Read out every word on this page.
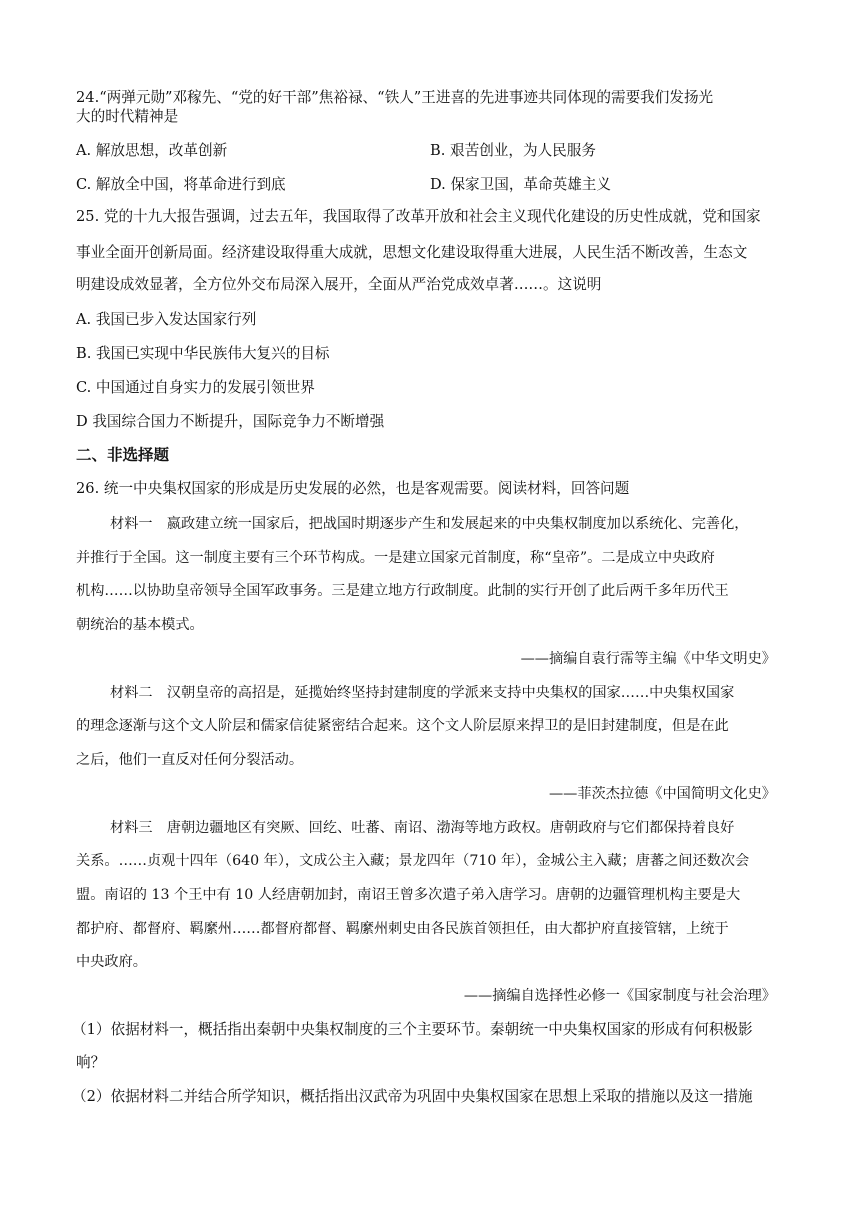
24.“两弹元勋”邓稼先、“党的好干部”焦裕禄、“铁人”王进喜的先进事迹共同体现的需要我们发扬光
大的时代精神是
A. 解放思想，改革创新	B. 艰苦创业，为人民服务
C. 解放全中国，将革命进行到底	D. 保家卫国，革命英雄主义
25. 党的十九大报告强调，过去五年，我国取得了改革开放和社会主义现代化建设的历史性成就，党和国家
事业全面开创新局面。经济建设取得重大成就，思想文化建设取得重大进展，人民生活不断改善，生态文
明建设成效显著，全方位外交布局深入展开，全面从严治党成效卓著……。这说明
A. 我国已步入发达国家行列
B. 我国已实现中华民族伟大复兴的目标
C. 中国通过自身实力的发展引领世界
D 我国综合国力不断提升，国际竞争力不断增强
二、非选择题
26. 统一中央集权国家的形成是历史发展的必然，也是客观需要。阅读材料，回答问题
材料一　嬴政建立统一国家后，把战国时期逐步产生和发展起来的中央集权制度加以系统化、完善化，
并推行于全国。这一制度主要有三个环节构成。一是建立国家元首制度，称“皇帝”。二是成立中央政府
机构……以协助皇帝领导全国军政事务。三是建立地方行政制度。此制的实行开创了此后两千多年历代王
朝统治的基本模式。
——摘编自袁行霈等主编《中华文明史》
材料二　汉朝皇帝的高招是，延揽始终坚持封建制度的学派来支持中央集权的国家……中央集权国家
的理念逐渐与这个文人阶层和儒家信徒紧密结合起来。这个文人阶层原来捍卫的是旧封建制度，但是在此
之后，他们一直反对任何分裂活动。
——菲茨杰拉德《中国简明文化史》
材料三　唐朝边疆地区有突厥、回纥、吐蕃、南诏、渤海等地方政权。唐朝政府与它们都保持着良好
关系。……贞观十四年（640 年），文成公主入藏；景龙四年（710 年），金城公主入藏；唐蕃之间还数次会
盟。南诏的 13 个王中有 10 人经唐朝加封，南诏王曾多次遣子弟入唐学习。唐朝的边疆管理机构主要是大
都护府、都督府、羁縻州……都督府都督、羁縻州刺史由各民族首领担任，由大都护府直接管辖，上统于
中央政府。
——摘编自选择性必修一《国家制度与社会治理》
（1）依据材料一，概括指出秦朝中央集权制度的三个主要环节。秦朝统一中央集权国家的形成有何积极影
响？
（2）依据材料二并结合所学知识，概括指出汉武帝为巩固中央集权国家在思想上采取的措施以及这一措施
